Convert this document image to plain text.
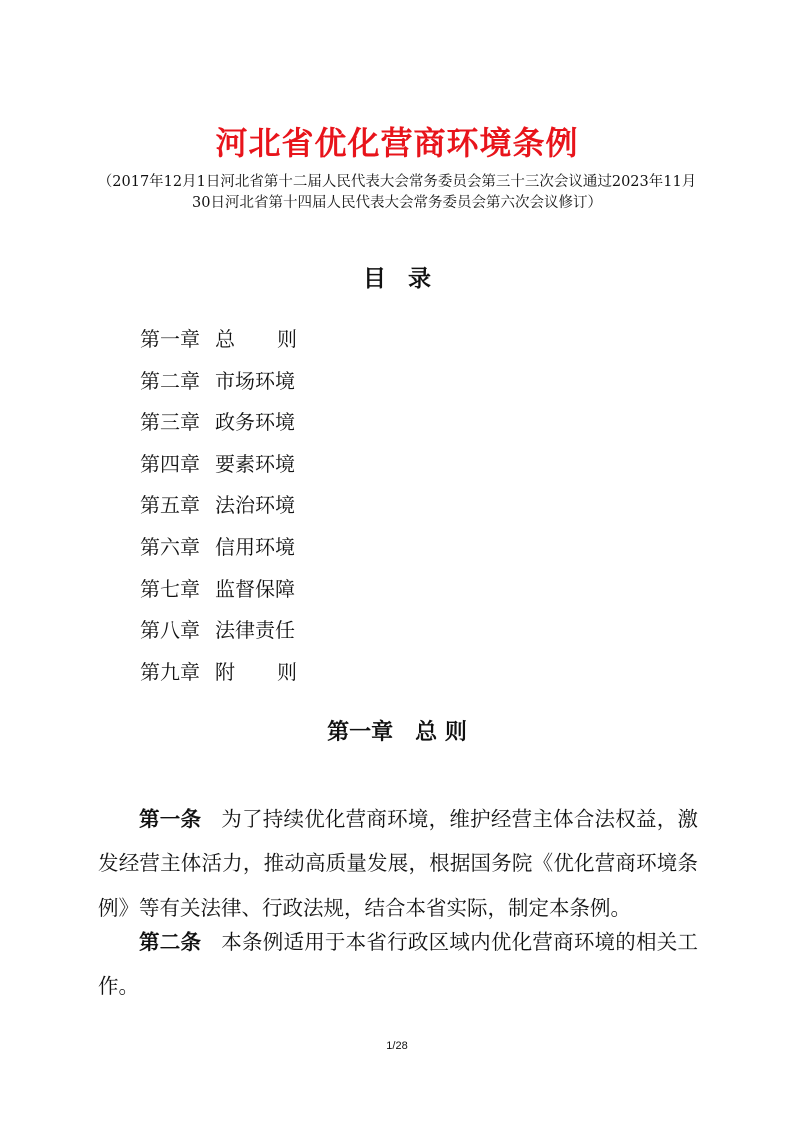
河北省优化营商环境条例
（2017年12月1日河北省第十二届人民代表大会常务委员会第三十三次会议通过2023年11月30日河北省第十四届人民代表大会常务委员会第六次会议修订）
目 录
第一章 总则
第二章 市场环境
第三章 政务环境
第四章 要素环境
第五章 法治环境
第六章 信用环境
第七章 监督保障
第八章 法律责任
第九章 附则
第一章 总 则

第一条 为了持续优化营商环境，维护经营主体合法权益，激发经营主体活力，推动高质量发展，根据国务院《优化营商环境条例》等有关法律、行政法规，结合本省实际，制定本条例。

第二条 本条例适用于本省行政区域内优化营商环境的相关工作。

1/28
